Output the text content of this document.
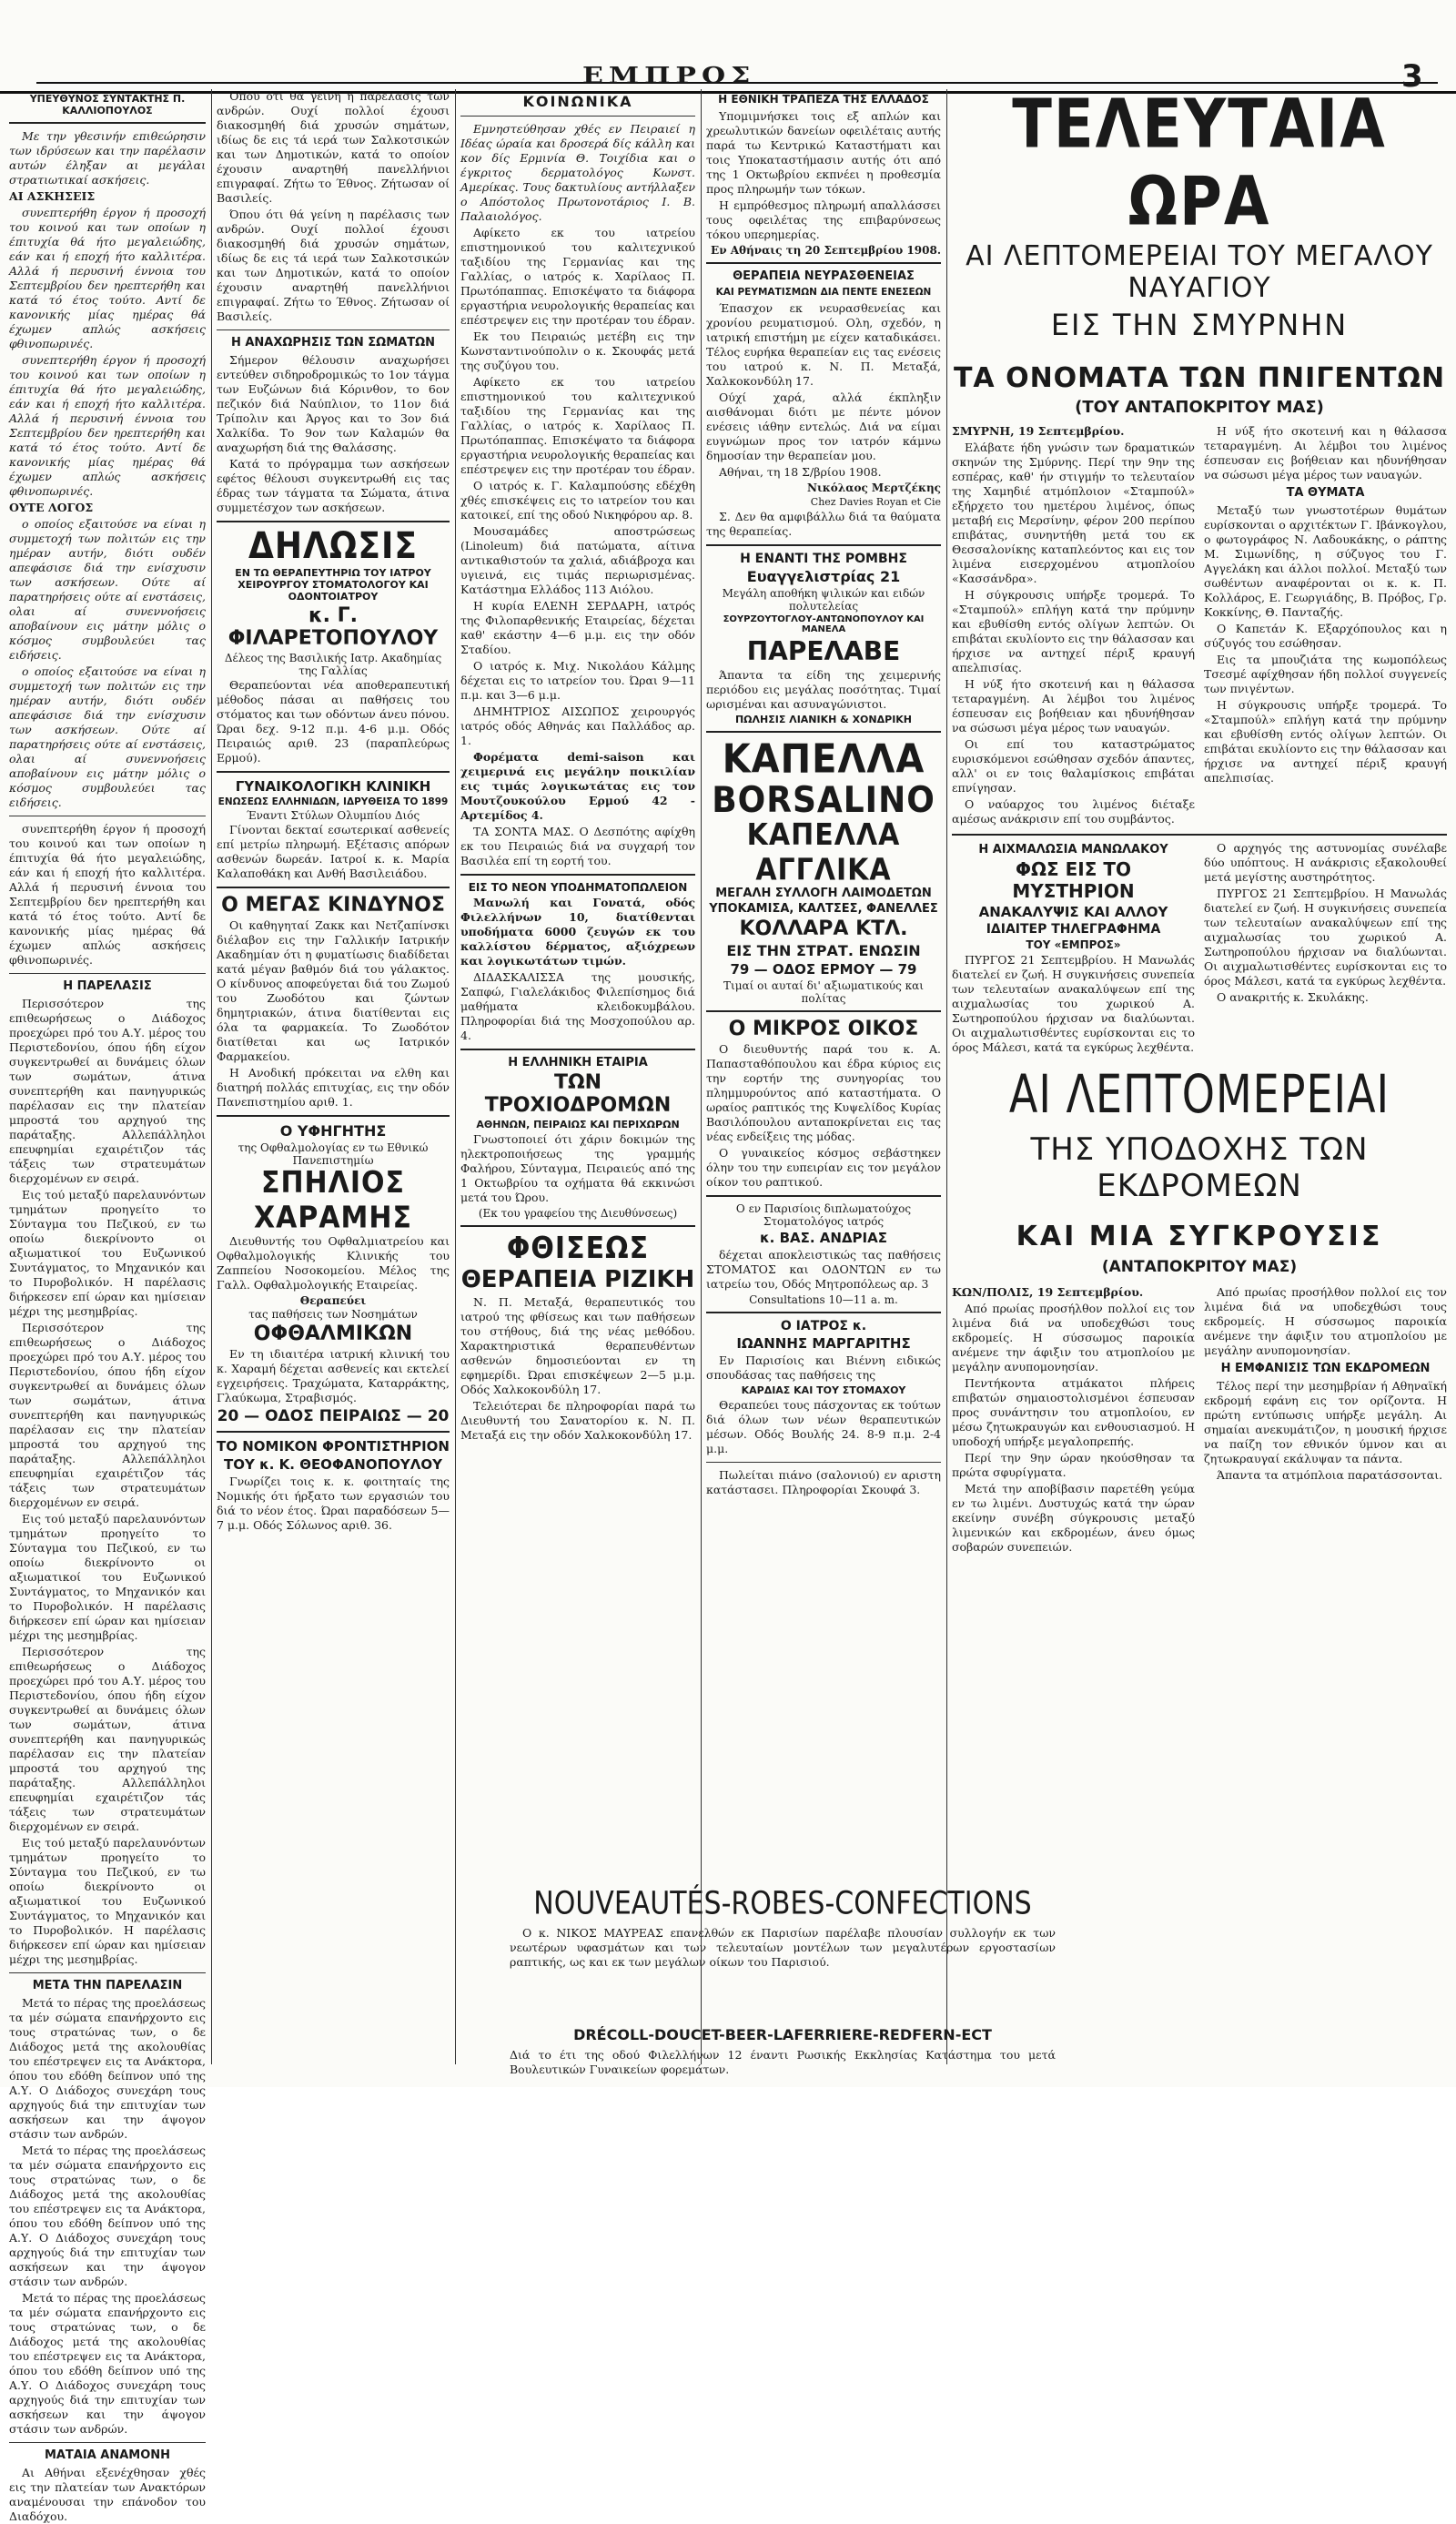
ΕΜΠΡΟΣ	3
ΥΠΕΥΘΥΝΟΣ ΣΥΝΤΑΚΤΗΣ Π. ΚΑΛΛΙΟΠΟΥΛΟΣ

Με την γθεσινήν επιθεώρησιν των ιδρύσεων και την παρέλασιν αυτών έληξαν αι μεγάλαι στρατιωτικαί ασκήσεις.

ΑΙ ΑΣΚΗΣΕΙΣ

συνεπτερήθη έργον ή προσοχή του κοινού και των οποίων η έπιτυχία θά ήτο μεγαλειώδης, εάν και ή εποχή ήτο καλλιτέρα. Αλλά ή περυσινή έννοια του Σεπτεμβρίου δεν ηρεπτερήθη και κατά τό έτος τούτο. Αντί δε κανονικής μίας ημέρας θά έχωμεν απλώς ασκήσεις φθινοπωρινές.

συνεπτερήθη έργον ή προσοχή του κοινού και των οποίων η έπιτυχία θά ήτο μεγαλειώδης, εάν και ή εποχή ήτο καλλιτέρα. Αλλά ή περυσινή έννοια του Σεπτεμβρίου δεν ηρεπτερήθη και κατά τό έτος τούτο. Αντί δε κανονικής μίας ημέρας θά έχωμεν απλώς ασκήσεις φθινοπωρινές.

ΟΥΤΕ ΛΟΓΟΣ

ο οποίος εξαιτούσε να είναι η συμμετοχή των πολιτών εις την ημέραν αυτήν, διότι ουδέν απεφάσισε διά την ενίσχυσιν των ασκήσεων. Ούτε αί παρατηρήσεις ούτε αί ενστάσεις, ολαι αί συνεννοήσεις αποβαίνουν εις μάτην μόλις ο κόσμος συμβουλεύει τας ειδήσεις.

ο οποίος εξαιτούσε να είναι η συμμετοχή των πολιτών εις την ημέραν αυτήν, διότι ουδέν απεφάσισε διά την ενίσχυσιν των ασκήσεων. Ούτε αί παρατηρήσεις ούτε αί ενστάσεις, ολαι αί συνεννοήσεις αποβαίνουν εις μάτην μόλις ο κόσμος συμβουλεύει τας ειδήσεις.

συνεπτερήθη έργον ή προσοχή του κοινού και των οποίων η έπιτυχία θά ήτο μεγαλειώδης, εάν και ή εποχή ήτο καλλιτέρα. Αλλά ή περυσινή έννοια του Σεπτεμβρίου δεν ηρεπτερήθη και κατά τό έτος τούτο. Αντί δε κανονικής μίας ημέρας θά έχωμεν απλώς ασκήσεις φθινοπωρινές.

Η ΠΑΡΕΛΑΣΙΣ

Περισσότερον της επιθεωρήσεως ο Διάδοχος προεχώρει πρό του Α.Υ. μέρος του Περιστεδονίου, όπου ήδη είχον συγκεντρωθεί αι δυνάμεις όλων των σωμάτων, άτινα συνεπτερήθη και πανηγυρικώς παρέλασαν εις την πλατείαν μπροστά του αρχηγού της παράταξης. Αλλεπάλληλοι επευφημίαι εχαιρέτιζον τάς τάξεις των στρατευμάτων διερχομένων εν σειρά.

Εις τού μεταξύ παρελαυνόντων τμημάτων προηγείτο το Σύνταγμα του Πεζικού, εν τω οποίω διεκρίνοντο οι αξιωματικοί του Ευζωνικού Συντάγματος, το Μηχανικόν και το Πυροβολικόν. Η παρέλασις διήρκεσεν επί ώραν και ημίσειαν μέχρι της μεσημβρίας.

Περισσότερον της επιθεωρήσεως ο Διάδοχος προεχώρει πρό του Α.Υ. μέρος του Περιστεδονίου, όπου ήδη είχον συγκεντρωθεί αι δυνάμεις όλων των σωμάτων, άτινα συνεπτερήθη και πανηγυρικώς παρέλασαν εις την πλατείαν μπροστά του αρχηγού της παράταξης. Αλλεπάλληλοι επευφημίαι εχαιρέτιζον τάς τάξεις των στρατευμάτων διερχομένων εν σειρά.

Εις τού μεταξύ παρελαυνόντων τμημάτων προηγείτο το Σύνταγμα του Πεζικού, εν τω οποίω διεκρίνοντο οι αξιωματικοί του Ευζωνικού Συντάγματος, το Μηχανικόν και το Πυροβολικόν. Η παρέλασις διήρκεσεν επί ώραν και ημίσειαν μέχρι της μεσημβρίας.

Περισσότερον της επιθεωρήσεως ο Διάδοχος προεχώρει πρό του Α.Υ. μέρος του Περιστεδονίου, όπου ήδη είχον συγκεντρωθεί αι δυνάμεις όλων των σωμάτων, άτινα συνεπτερήθη και πανηγυρικώς παρέλασαν εις την πλατείαν μπροστά του αρχηγού της παράταξης. Αλλεπάλληλοι επευφημίαι εχαιρέτιζον τάς τάξεις των στρατευμάτων διερχομένων εν σειρά.

Εις τού μεταξύ παρελαυνόντων τμημάτων προηγείτο το Σύνταγμα του Πεζικού, εν τω οποίω διεκρίνοντο οι αξιωματικοί του Ευζωνικού Συντάγματος, το Μηχανικόν και το Πυροβολικόν. Η παρέλασις διήρκεσεν επί ώραν και ημίσειαν μέχρι της μεσημβρίας.

ΜΕΤΑ ΤΗΝ ΠΑΡΕΛΑΣΙΝ

Μετά το πέρας της προελάσεως τα μέν σώματα επανήρχοντο εις τους στρατώνας των, ο δε Διάδοχος μετά της ακολουθίας του επέστρεψεν εις τα Ανάκτορα, όπου του εδόθη δείπνον υπό της Α.Υ. Ο Διάδοχος συνεχάρη τους αρχηγούς διά την επιτυχίαν των ασκήσεων και την άψογον στάσιν των ανδρών.

Μετά το πέρας της προελάσεως τα μέν σώματα επανήρχοντο εις τους στρατώνας των, ο δε Διάδοχος μετά της ακολουθίας του επέστρεψεν εις τα Ανάκτορα, όπου του εδόθη δείπνον υπό της Α.Υ. Ο Διάδοχος συνεχάρη τους αρχηγούς διά την επιτυχίαν των ασκήσεων και την άψογον στάσιν των ανδρών.

Μετά το πέρας της προελάσεως τα μέν σώματα επανήρχοντο εις τους στρατώνας των, ο δε Διάδοχος μετά της ακολουθίας του επέστρεψεν εις τα Ανάκτορα, όπου του εδόθη δείπνον υπό της Α.Υ. Ο Διάδοχος συνεχάρη τους αρχηγούς διά την επιτυχίαν των ασκήσεων και την άψογον στάσιν των ανδρών.

ΜΑΤΑΙΑ ΑΝΑΜΟΝΗ

Αι Αθήναι εξενέχθησαν χθές εις την πλατείαν των Ανακτόρων αναμένουσαι την επάνοδον του Διαδόχου.

Όπου ότι θά γείνη η παρέλασις των ανδρών. Ουχί πολλοί έχουσι διακοσμηθή διά χρυσών σημάτων, ιδίως δε εις τά ιερά των Σαλκοτσικών και των Δημοτικών, κατά το οποίον έχουσιν αναρτηθή πανελλήνιοι επιγραφαί. Ζήτω το Έθνος. Ζήτωσαν οί Βασιλείς.

Όπου ότι θά γείνη η παρέλασις των ανδρών. Ουχί πολλοί έχουσι διακοσμηθή διά χρυσών σημάτων, ιδίως δε εις τά ιερά των Σαλκοτσικών και των Δημοτικών, κατά το οποίον έχουσιν αναρτηθή πανελλήνιοι επιγραφαί. Ζήτω το Έθνος. Ζήτωσαν οί Βασιλείς.

Η ΑΝΑΧΩΡΗΣΙΣ ΤΩΝ ΣΩΜΑΤΩΝ

Σήμερον θέλουσιν αναχωρήσει εντεύθεν σιδηροδρομικώς το 1ον τάγμα των Ευζώνων διά Κόρινθον, το 6ον πεζικόν διά Ναύπλιον, το 11ον διά Τρίπολιν και Άργος και το 3ον διά Χαλκίδα. Το 9ον των Καλαμών θα αναχωρήση διά της Θαλάσσης.

Κατά το πρόγραμμα των ασκήσεων εφέτος θέλουσι συγκεντρωθή εις τας έδρας των τάγματα τα Σώματα, άτινα συμμετέσχον των ασκήσεων.

ΔΗΛΩΣΙΣ
ΕΝ ΤΩ ΘΕΡΑΠΕΥΤΗΡΙΩ ΤΟΥ ΙΑΤΡΟΥ ΧΕΙΡΟΥΡΓΟΥ ΣΤΟΜΑΤΟΛΟΓΟΥ ΚΑΙ ΟΔΟΝΤΟΙΑΤΡΟΥ
κ. Γ. ΦΙΛΑΡΕΤΟΠΟΥΛΟΥ
Δέλεος της Βασιλικής Ιατρ. Ακαδημίας της Γαλλίας

Θεραπεύονται νέα αποθεραπευτική μέθοδος πάσαι αι παθήσεις του στόματος και των οδόντων άνευ πόνου. Ώραι δεχ. 9-12 π.μ. 4-6 μ.μ. Οδός Πειραιώς αριθ. 23 (παραπλεύρως Ερμού).

ΓΥΝΑΙΚΟΛΟΓΙΚΗ ΚΛΙΝΙΚΗ
ΕΝΩΣΕΩΣ ΕΛΛΗΝΙΔΩΝ, ΙΔΡΥΘΕΙΣΑ ΤΟ 1899
Έναντι Στύλων Ολυμπίου Διός

Γίνονται δεκταί εσωτερικαί ασθενείς επί μετρίω πληρωμή. Εξέτασις απόρων ασθενών δωρεάν. Ιατροί κ. κ. Μαρία Καλαποθάκη και Ανθή Βασιλειάδου.

Ο ΜΕΓΑΣ ΚΙΝΔΥΝΟΣ

Οι καθηγηταί Ζακκ και Νετζαπίνσκι διέλαβον εις την Γαλλικήν Ιατρικήν Ακαδημίαν ότι η φυματίωσις διαδίδεται κατά μέγαν βαθμόν διά του γάλακτος. Ο κίνδυνος αποφεύγεται διά του Ζωμού του Ζωοδότου και ζώντων δημητριακών, άτινα διατίθενται εις όλα τα φαρμακεία. Το Ζωοδότον διατίθεται και ως Ιατρικόν Φαρμακείου.

Η Ανοδική πρόκειται να ελθη και διατηρή πολλάς επιτυχίας, εις την οδόν Πανεπιστημίου αριθ. 1.

Ο ΥΦΗΓΗΤΗΣ
της Οφθαλμολογίας εν τω Εθνικώ Πανεπιστημίω
ΣΠΗΛΙΟΣ ΧΑΡΑΜΗΣ

Διευθυντής του Οφθαλμιατρείου και Οφθαλμολογικής Κλινικής του Ζαππείου Νοσοκομείου. Μέλος της Γαλλ. Οφθαλμολογικής Εταιρείας.

Θεραπεύει
τας παθήσεις των Νοσημάτων
ΟΦΘΑΛΜΙΚΩΝ

Εν τη ιδιαιτέρα ιατρική κλινική του κ. Χαραμή δέχεται ασθενείς και εκτελεί εγχειρήσεις. Τραχώματα, Καταρράκτης, Γλαύκωμα, Στραβισμός.

20 — ΟΔΟΣ ΠΕΙΡΑΙΩΣ — 20
ΤΟ ΝΟΜΙΚΟΝ ΦΡΟΝΤΙΣΤΗΡΙΟΝ
ΤΟΥ κ. Κ. ΘΕΟΦΑΝΟΠΟΥΛΟΥ

Γνωρίζει τοις κ. κ. φοιτηταίς της Νομικής ότι ήρξατο των εργασιών του διά το νέον έτος. Ώραι παραδόσεων 5—7 μ.μ. Οδός Σόλωνος αριθ. 36.

ΚΟΙΝΩΝΙΚΑ

Εμνηστεύθησαν χθές εν Πειραιεί η Ιδέας ώραία και δροσερά δίς κάλλη και κον δίς Ερμινία Θ. Τοιχίδια και ο έγκριτος δερματολόγος Κωνστ. Αμερίκας. Τους δακτυλίους αντήλλαξεν ο Απόστολος Πρωτονοτάριος Ι. Β. Παλαιολόγος.

Αφίκετο εκ του ιατρείου επιστημονικού του καλιτεχνικού ταξιδίου της Γερμανίας και της Γαλλίας, ο ιατρός κ. Χαρίλαος Π. Πρωτόπαππας. Επισκέψατο τα διάφορα εργαστήρια νευρολογικής θεραπείας και επέστρεψεν εις την προτέραν του έδραν.

Εκ του Πειραιώς μετέβη εις την Κωνσταντινούπολιν ο κ. Σκουφάς μετά της συζύγου του.

Αφίκετο εκ του ιατρείου επιστημονικού του καλιτεχνικού ταξιδίου της Γερμανίας και της Γαλλίας, ο ιατρός κ. Χαρίλαος Π. Πρωτόπαππας. Επισκέψατο τα διάφορα εργαστήρια νευρολογικής θεραπείας και επέστρεψεν εις την προτέραν του έδραν.

Ο ιατρός κ. Γ. Καλαμπούσης εδέχθη χθές επισκέψεις εις το ιατρείον του και κατοικεί, επί της οδού Νικηφόρου αρ. 8.

Μουσαμάδες αποστρώσεως (Linoleum) διά πατώματα, αίτινα αντικαθιστούν τα χαλιά, αδιάβροχα και υγιεινά, εις τιμάς περιωρισμένας. Κατάστημα Ελλάδος 113 Αιόλου.

Η κυρία ΕΛΕΝΗ ΣΕΡΔΑΡΗ, ιατρός της Φιλοπαρθενικής Εταιρείας, δέχεται καθ' εκάστην 4—6 μ.μ. εις την οδόν Σταδίου.

Ο ιατρός κ. Μιχ. Νικολάου Κάλμης δέχεται εις το ιατρείον του. Ώραι 9—11 π.μ. και 3—6 μ.μ.

ΔΗΜΗΤΡΙΟΣ ΑΙΣΩΠΟΣ χειρουργός ιατρός οδός Αθηνάς και Παλλάδος αρ. 1.

Φορέματα demi-saison και χειμερινά εις μεγάλην ποικιλίαν εις τιμάς λογικωτάτας εις τον Μουτζουκούλου Ερμού 42 - Αρτεμίδος 4.

ΤΑ ΣΟΝΤΑ ΜΑΣ. Ο Δεσπότης αφίχθη εκ του Πειραιώς διά να συγχαρή τον Βασιλέα επί τη εορτή του.

ΕΙΣ ΤΟ ΝΕΟΝ ΥΠΟΔΗΜΑΤΟΠΩΛΕΙΟΝ

Μανωλή και Γονατά, οδός Φιλελλήνων 10, διατίθενται υποδήματα 6000 ζευγών εκ του καλλίστου δέρματος, αξιόχρεων και λογικωτάτων τιμών.

ΔΙΔΑΣΚΑΛΙΣΣΑ της μουσικής, Σαπφώ, Γιαλελάκιδος Φιλεπίσημος διά μαθήματα κλειδοκυμβάλου. Πληροφορίαι διά της Μοσχοπούλου αρ. 4.

Η ΕΛΛΗΝΙΚΗ ΕΤΑΙΡΙΑ
ΤΩΝ ΤΡΟΧΙΟΔΡΟΜΩΝ
ΑΘΗΝΩΝ, ΠΕΙΡΑΙΩΣ ΚΑΙ ΠΕΡΙΧΩΡΩΝ

Γνωστοποιεί ότι χάριν δοκιμών της ηλεκτροποιήσεως της γραμμής Φαλήρου, Σύνταγμα, Πειραιεύς από της 1 Οκτωβρίου τα οχήματα θά εκκινώσι μετά του Ώρου.

(Εκ του γραφείου της Διευθύνσεως)
ΦΘΙΣΕΩΣ
ΘΕΡΑΠΕΙΑ ΡΙΖΙΚΗ

Ν. Π. Μεταξά, θεραπευτικός του ιατρού της φθίσεως και των παθήσεων του στήθους, διά της νέας μεθόδου. Χαρακτηριστικά θεραπευθέντων ασθενών δημοσιεύονται εν τη εφημερίδι. Ώραι επισκέψεων 2—5 μ.μ. Οδός Χαλκοκονδύλη 17.

Τελειότεραι δε πληροφορίαι παρά τω Διευθυντή του Σανατορίου κ. Ν. Π. Μεταξά εις την οδόν Χαλκοκονδύλη 17.

Η ΕΘΝΙΚΗ ΤΡΑΠΕΖΑ ΤΗΣ ΕΛΛΑΔΟΣ

Υπομιμνήσκει τοις εξ απλών και χρεωλυτικών δανείων οφειλέταις αυτής παρά τω Κεντρικώ Καταστήματι και τοις Υποκαταστήμασιν αυτής ότι από της 1 Οκτωβρίου εκπνέει η προθεσμία προς πληρωμήν των τόκων.

Η εμπρόθεσμος πληρωμή απαλλάσσει τους οφειλέτας της επιβαρύνσεως τόκου υπερημερίας.

Εν Αθήναις τη 20 Σεπτεμβρίου 1908.
ΘΕΡΑΠΕΙΑ ΝΕΥΡΑΣΘΕΝΕΙΑΣ
ΚΑΙ ΡΕΥΜΑΤΙΣΜΩΝ ΔΙΑ ΠΕΝΤΕ ΕΝΕΣΕΩΝ

Έπασχον εκ νευρασθενείας και χρονίου ρευματισμού. Ολη, σχεδόν, η ιατρική επιστήμη με είχεν καταδικάσει. Τέλος ευρήκα θεραπείαν εις τας ενέσεις του ιατρού κ. Ν. Π. Μεταξά, Χαλκοκονδύλη 17.

Ούχί χαρά, αλλά έκπληξιν αισθάνομαι διότι με πέντε μόνον ενέσεις ιάθην εντελώς. Διά να είμαι ευγνώμων προς τον ιατρόν κάμνω δημοσίαν την θεραπείαν μου.

Αθήναι, τη 18 Σ/βρίου 1908.

Νικόλαος Μερτζέκης
Chez Davies Royan et Cie

Σ. Δεν θα αμφιβάλλω διά τα θαύματα της θεραπείας.

Η ΕΝΑΝΤΙ ΤΗΣ ΡΟΜΒΗΣ
Ευαγγελιστρίας 21
Μεγάλη αποθήκη ψιλικών και ειδών πολυτελείας
ΣΟΥΡΖΟΥΤΟΓΛΟΥ-ΑΝΤΩΝΟΠΟΥΛΟΥ ΚΑΙ ΜΑΝΕΛΑ
ΠΑΡΕΛΑΒΕ

Άπαντα τα είδη της χειμερινής περιόδου εις μεγάλας ποσότητας. Τιμαί ωρισμέναι και ασυναγώνιστοι.

ΠΩΛΗΣΙΣ ΛΙΑΝΙΚΗ & ΧΟΝΔΡΙΚΗ
ΚΑΠΕΛΛΑ
BORSALINO
ΚΑΠΕΛΛΑ ΑΓΓΛΙΚΑ
ΜΕΓΑΛΗ ΣΥΛΛΟΓΗ ΛΑΙΜΟΔΕΤΩΝ
ΥΠΟΚΑΜΙΣΑ, ΚΑΛΤΣΕΣ, ΦΑΝΕΛΛΕΣ
ΚΟΛΛΑΡΑ ΚΤΛ.
ΕΙΣ ΤΗΝ ΣΤΡΑΤ. ΕΝΩΣΙΝ
79 — ΟΔΟΣ ΕΡΜΟΥ — 79
Τιμαί οι αυταί δι' αξιωματικούς και πολίτας
Ο ΜΙΚΡΟΣ ΟΙΚΟΣ

Ο διευθυντής παρά του κ. Α. Παπασταθόπουλου και έδρα κύριος εις την εορτήν της συνηγορίας του πλημμυρούντος από καταστήματα. Ο ωραίος ραπτικός της Κυψελίδος Κυρίας Βασιλόπουλου ανταποκρίνεται εις τας νέας ενδείξεις της μόδας.

Ο γυναικείος κόσμος σεβάστηκεν όλην του την ευπειρίαν εις τον μεγάλον οίκον του ραπτικού.

Ο εν Παρισίοις διπλωματούχος Στοματολόγος ιατρός
κ. ΒΑΣ. ΑΝΔΡΙΑΣ

δέχεται αποκλειστικώς τας παθήσεις ΣΤΟΜΑΤΟΣ και ΟΔΟΝΤΩΝ εν τω ιατρείω του, Οδός Μητροπόλεως αρ. 3

Consultations 10—11 a. m.
Ο ΙΑΤΡΟΣ κ.
ΙΩΑΝΝΗΣ ΜΑΡΓΑΡΙΤΗΣ

Εν Παρισίοις και Βιέννη ειδικώς σπουδάσας τας παθήσεις της

ΚΑΡΔΙΑΣ ΚΑΙ ΤΟΥ ΣΤΟΜΑΧΟΥ

Θεραπεύει τους πάσχοντας εκ τούτων διά όλων των νέων θεραπευτικών μέσων. Οδός Βουλής 24. 8-9 π.μ. 2-4 μ.μ.

Πωλείται πιάνο (σαλονιού) εν αριστη κατάστασει. Πληροφορίαι Σκουφά 3.

ΤΕΛΕΥΤΑΙΑ ΩΡΑ
ΑΙ ΛΕΠΤΟΜΕΡΕΙΑΙ ΤΟΥ ΜΕΓΑΛΟΥ ΝΑΥΑΓΙΟΥ
ΕΙΣ ΤΗΝ ΣΜΥΡΝΗΝ
ΤΑ ΟΝΟΜΑΤΑ ΤΩΝ ΠΝΙΓΕΝΤΩΝ
(ΤΟΥ ΑΝΤΑΠΟΚΡΙΤΟΥ ΜΑΣ)

ΣΜΥΡΝΗ, 19 Σεπτεμβρίου.

Ελάβατε ήδη γνώσιν των δραματικών σκηνών της Σμύρνης. Περί την 9ην της εσπέρας, καθ' ήν στιγμήν το τελευταίον της Χαμηδιέ ατμόπλοιον «Σταμπούλ» εξήρχετο του ημετέρου λιμένος, όπως μεταβή εις Μερσίνην, φέρον 200 περίπου επιβάτας, συνηντήθη μετά του εκ Θεσσαλονίκης καταπλεόντος και εις τον λιμένα εισερχομένου ατμοπλοίου «Κασσάνδρα».

Η σύγκρουσις υπήρξε τρομερά. Το «Σταμπούλ» επλήγη κατά την πρύμνην και εβυθίσθη εντός ολίγων λεπτών. Οι επιβάται εκυλίοντο εις την θάλασσαν και ήρχισε να αντηχεί πέριξ κραυγή απελπισίας.

Η νύξ ήτο σκοτεινή και η θάλασσα τεταραγμένη. Αι λέμβοι του λιμένος έσπευσαν εις βοήθειαν και ηδυνήθησαν να σώσωσι μέγα μέρος των ναυαγών.

Οι επί του καταστρώματος ευρισκόμενοι εσώθησαν σχεδόν άπαντες, αλλ' οι εν τοις θαλαμίσκοις επιβάται επνίγησαν.

Ο ναύαρχος του λιμένος διέταξε αμέσως ανάκρισιν επί του συμβάντος.

Η νύξ ήτο σκοτεινή και η θάλασσα τεταραγμένη. Αι λέμβοι του λιμένος έσπευσαν εις βοήθειαν και ηδυνήθησαν να σώσωσι μέγα μέρος των ναυαγών.

ΤΑ ΘΥΜΑΤΑ

Μεταξύ των γνωστοτέρων θυμάτων ευρίσκονται ο αρχιτέκτων Γ. Ιβάνκογλου, ο φωτογράφος Ν. Λαδουκάκης, ο ράπτης Μ. Σιμωνίδης, η σύζυγος του Γ. Αγγελάκη και άλλοι πολλοί. Μεταξύ των σωθέντων αναφέρονται οι κ. κ. Π. Κολλάρος, Ε. Γεωργιάδης, Β. Πρόβος, Γρ. Κοκκίνης, Θ. Πανταζής.

Ο Καπετάν Κ. Εξαρχόπουλος και η σύζυγός του εσώθησαν.

Εις τα μπουζιάτα της κωμοπόλεως Τσεσμέ αφίχθησαν ήδη πολλοί συγγενείς των πνιγέντων.

Η σύγκρουσις υπήρξε τρομερά. Το «Σταμπούλ» επλήγη κατά την πρύμνην και εβυθίσθη εντός ολίγων λεπτών. Οι επιβάται εκυλίοντο εις την θάλασσαν και ήρχισε να αντηχεί πέριξ κραυγή απελπισίας.

Η ΑΙΧΜΑΛΩΣΙΑ ΜΑΝΩΛΑΚΟΥ
ΦΩΣ ΕΙΣ ΤΟ ΜΥΣΤΗΡΙΟΝ
ΑΝΑΚΑΛΥΨΙΣ ΚΑΙ ΑΛΛΟΥ
ΙΔΙΑΙΤΕΡ ΤΗΛΕΓΡΑΦΗΜΑ
ΤΟΥ «ΕΜΠΡΟΣ»

ΠΥΡΓΟΣ 21 Σεπτεμβρίου. Η Μανωλάς διατελεί εν ζωή. Η συγκινήσεις συνεπεία των τελευταίων ανακαλύψεων επί της αιχμαλωσίας του χωρικού Α. Σωτηροπούλου ήρχισαν να διαλύωνται. Οι αιχμαλωτισθέντες ευρίσκονται εις το όρος Μάλεσι, κατά τα εγκύρως λεχθέντα.

Ο αρχηγός της αστυνομίας συνέλαβε δύο υπόπτους. Η ανάκρισις εξακολουθεί μετά μεγίστης αυστηρότητος.

ΠΥΡΓΟΣ 21 Σεπτεμβρίου. Η Μανωλάς διατελεί εν ζωή. Η συγκινήσεις συνεπεία των τελευταίων ανακαλύψεων επί της αιχμαλωσίας του χωρικού Α. Σωτηροπούλου ήρχισαν να διαλύωνται. Οι αιχμαλωτισθέντες ευρίσκονται εις το όρος Μάλεσι, κατά τα εγκύρως λεχθέντα.

Ο ανακριτής κ. Σκυλάκης.

ΑΙ ΛΕΠΤΟΜΕΡΕΙΑΙ
ΤΗΣ ΥΠΟΔΟΧΗΣ ΤΩΝ ΕΚΔΡΟΜΕΩΝ
ΚΑΙ ΜΙΑ ΣΥΓΚΡΟΥΣΙΣ
(ΑΝΤΑΠΟΚΡΙΤΟΥ ΜΑΣ)

ΚΩΝ/ΠΟΛΙΣ, 19 Σεπτεμβρίου.

Από πρωίας προσήλθον πολλοί εις τον λιμένα διά να υποδεχθώσι τους εκδρομείς. Η σύσσωμος παροικία ανέμενε την άφιξιν του ατμοπλοίου με μεγάλην ανυπομονησίαν.

Πεντήκοντα ατμάκατοι πλήρεις επιβατών σημαιοστολισμένοι έσπευσαν προς συνάντησιν του ατμοπλοίου, εν μέσω ζητωκραυγών και ενθουσιασμού. Η υποδοχή υπήρξε μεγαλοπρεπής.

Περί την 9ην ώραν ηκούσθησαν τα πρώτα σφυρίγματα.

Μετά την αποβίβασιν παρετέθη γεύμα εν τω λιμένι. Δυστυχώς κατά την ώραν εκείνην συνέβη σύγκρουσις μεταξύ λιμενικών και εκδρομέων, άνευ όμως σοβαρών συνεπειών.

Από πρωίας προσήλθον πολλοί εις τον λιμένα διά να υποδεχθώσι τους εκδρομείς. Η σύσσωμος παροικία ανέμενε την άφιξιν του ατμοπλοίου με μεγάλην ανυπομονησίαν.

Η ΕΜΦΑΝΙΣΙΣ ΤΩΝ ΕΚΔΡΟΜΕΩΝ

Τέλος περί την μεσημβρίαν ή Αθηναϊκή εκδρομή εφάνη εις τον ορίζοντα. Η πρώτη εντύπωσις υπήρξε μεγάλη. Αι σημαίαι ανεκυμάτιζον, η μουσική ήρχισε να παίζη τον εθνικόν ύμνον και αι ζητωκραυγαί εκάλυψαν τα πάντα.

Άπαντα τα ατμόπλοια παρατάσσονται.

NOUVEAUTÉS-ROBES-CONFECTIONS

Ο κ. ΝΙΚΟΣ ΜΑΥΡΕΑΣ επανελθών εκ Παρισίων παρέλαβε πλουσίαν συλλογήν εκ των νεωτέρων υφασμάτων και των τελευταίων μοντέλων των μεγαλυτέρων εργοστασίων ραπτικής, ως και εκ των μεγάλων οίκων του Παρισιού.

DRÉCOLL-DOUCET-BEER-LAFERRIERE-REDFERN-ECT
Διά το έτι της οδού Φιλελλήνων 12 έναντι Ρωσικής Εκκλησίας Κατάστημα του μετά Βουλευτικών Γυναικείων φορεμάτων.
